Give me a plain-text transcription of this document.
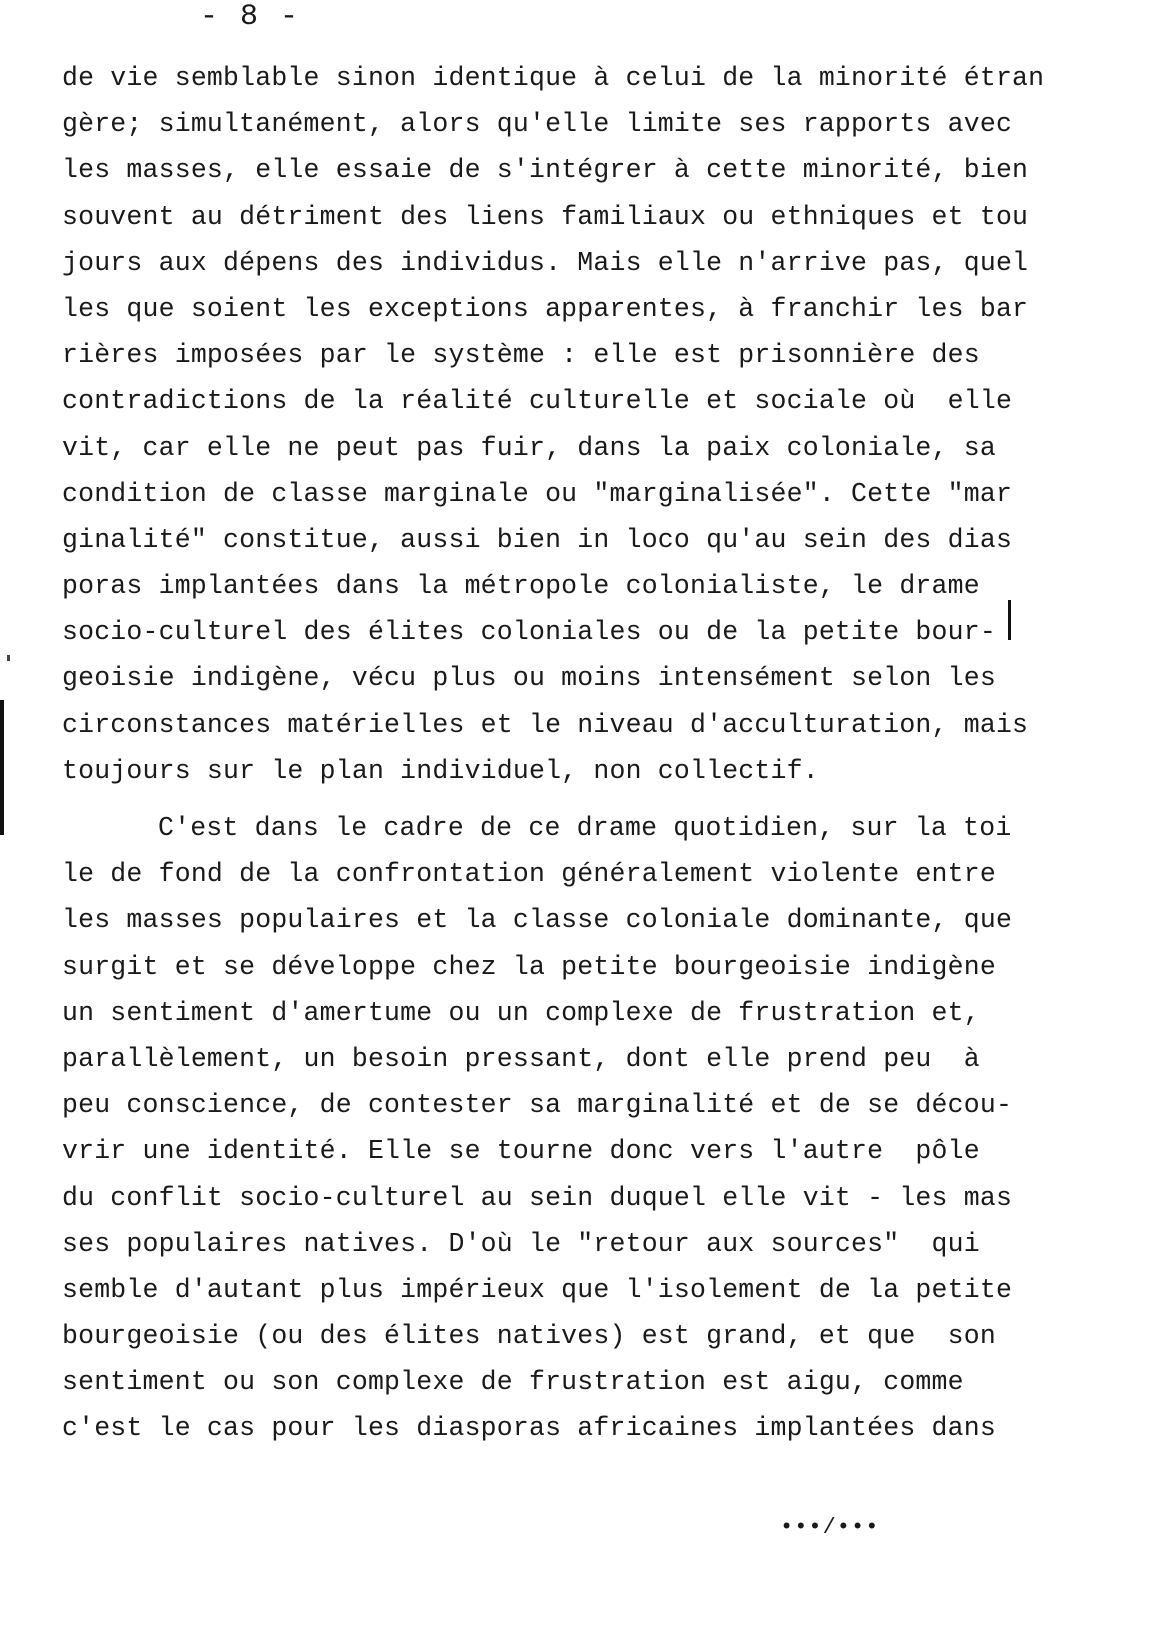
- 8 -
de vie semblable sinon identique à celui de la minorité étran
gère; simultanément, alors qu'elle limite ses rapports avec
les masses, elle essaie de s'intégrer à cette minorité, bien
souvent au détriment des liens familiaux ou ethniques et tou
jours aux dépens des individus. Mais elle n'arrive pas, quel
les que soient les exceptions apparentes, à franchir les bar
rières imposées par le système : elle est prisonnière des
contradictions de la réalité culturelle et sociale où  elle
vit, car elle ne peut pas fuir, dans la paix coloniale, sa
condition de classe marginale ou "marginalisée". Cette "mar
ginalité" constitue, aussi bien in loco qu'au sein des dias
poras implantées dans la métropole colonialiste, le drame
socio-culturel des élites coloniales ou de la petite bour-
geoisie indigène, vécu plus ou moins intensément selon les
circonstances matérielles et le niveau d'acculturation, mais
toujours sur le plan individuel, non collectif.
C'est dans le cadre de ce drame quotidien, sur la toi
le de fond de la confrontation généralement violente entre
les masses populaires et la classe coloniale dominante, que
surgit et se développe chez la petite bourgeoisie indigène
un sentiment d'amertume ou un complexe de frustration et,
parallèlement, un besoin pressant, dont elle prend peu  à
peu conscience, de contester sa marginalité et de se décou-
vrir une identité. Elle se tourne donc vers l'autre  pôle
du conflit socio-culturel au sein duquel elle vit - les mas
ses populaires natives. D'où le "retour aux sources"  qui
semble d'autant plus impérieux que l'isolement de la petite
bourgeoisie (ou des élites natives) est grand, et que  son
sentiment ou son complexe de frustration est aigu, comme
c'est le cas pour les diasporas africaines implantées dans
•••/•••
